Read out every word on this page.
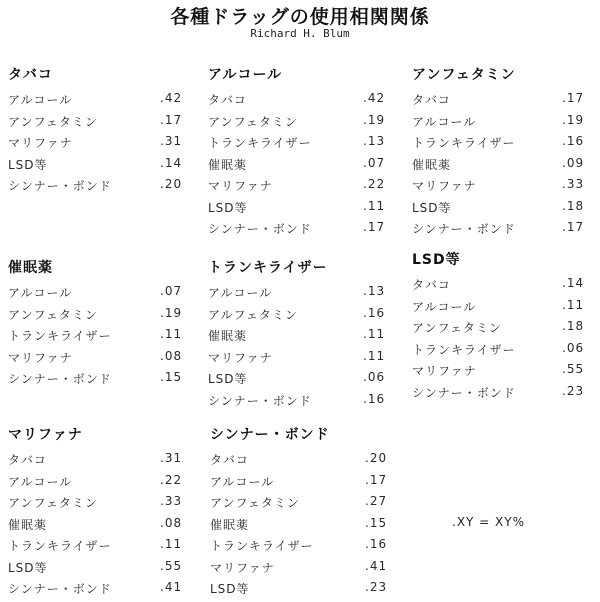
各種ドラッグの使用相関関係
Richard H. Blum
タバコ
アルコール	.42
アンフェタミン	.17
マリファナ	.31
LSD等	.14
シンナー・ボンド	.20
アルコール
タバコ	.42
アンフェタミン	.19
トランキライザー	.13
催眠薬	.07
マリファナ	.22
LSD等	.11
シンナー・ボンド	.17
アンフェタミン
タバコ	.17
アルコール	.19
トランキライザー	.16
催眠薬	.09
マリファナ	.33
LSD等	.18
シンナー・ボンド	.17
催眠薬
アルコール	.07
アンフェタミン	.19
トランキライザー	.11
マリファナ	.08
シンナー・ボンド	.15
トランキライザー
アルコール	.13
アルフェタミン	.16
催眠薬	.11
マリファナ	.11
LSD等	.06
シンナー・ボンド	.16
LSD等
タバコ	.14
アルコール	.11
アンフェタミン	.18
トランキライザー	.06
マリファナ	.55
シンナー・ボンド	.23
マリファナ
タバコ	.31
アルコール	.22
アンフェタミン	.33
催眠薬	.08
トランキライザー	.11
LSD等	.55
シンナー・ボンド	.41
シンナー・ボンド
タバコ	.20
アルコール	.17
アンフェタミン	.27
催眠薬	.15
トランキライザー	.16
マリファナ	.41
LSD等	.23
.XY = XY%
